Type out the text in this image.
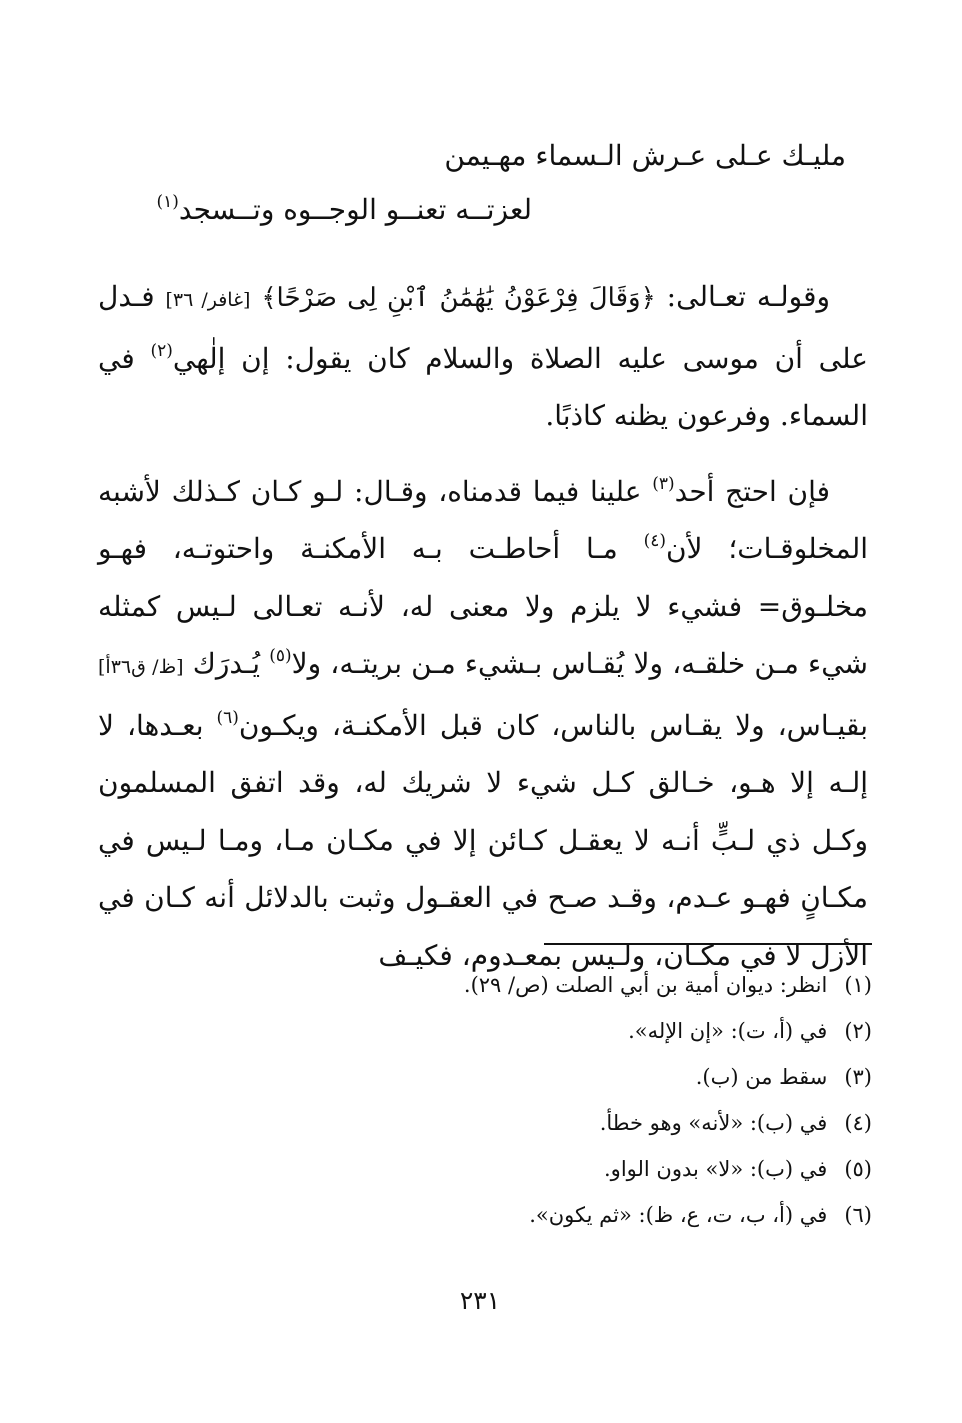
مليـك عـلى عـرش الـسماء مهـيمن
لعزتــه تعنــو الوجــوه وتــسجد$^{(١)}$

وقولـه تعـالى: ﴿وَقَالَ فِرْعَوْنُ يَٰهَٰمَٰنُ ٱبْنِ لِى صَرْحًا﴾ [غافر/ ٣٦] فـدل على أن موسى عليه الصلاة والسلام كان يقول: إن إلٰهي$^{(٢)}$ في السماء. وفرعون يظنه كاذبًا.

فإن احتج أحد$^{(٣)}$ علينا فيما قدمناه، وقـال: لـو كـان كـذلك لأشبه المخلوقـات؛ لأن$^{(٤)}$ مـا أحاطـت بـه الأمكنـة واحتوتـه، فهـو مخلـوق= فشيء لا يلزم ولا معنى له، لأنـه تعـالى لـيس كمثله شيء مـن خلقـه، ولا يُقـاس بـشيء مـن بريتـه، ولا$^{(٥)}$ يُـدرَك [ظ/ ق٣٦أ] بقيـاس، ولا يقـاس بالناس، كان قبل الأمكنـة، ويكـون$^{(٦)}$ بعـدها، لا إلـه إلا هـو، خـالق كـل شيء لا شريك له، وقد اتفق المسلمون وكـل ذي لـبٍّ أنـه لا يعقـل كـائن إلا في مكـان مـا، ومـا لـيس في مكـانٍ فهـو عـدم، وقـد صـح في العقـول وثبت بالدلائل أنه كـان في الأزل لا في مكـان، ولـيس بمعـدوم، فكيـف

(١) انظر: ديوان أمية بن أبي الصلت (ص/ ٢٩).
(٢) في (أ، ت): «إن الإله».
(٣) سقط من (ب).
(٤) في (ب): «لأنه» وهو خطأ.
(٥) في (ب): «لا» بدون الواو.
(٦) في (أ، ب، ت، ع، ظ): «ثم يكون».
٢٣١
